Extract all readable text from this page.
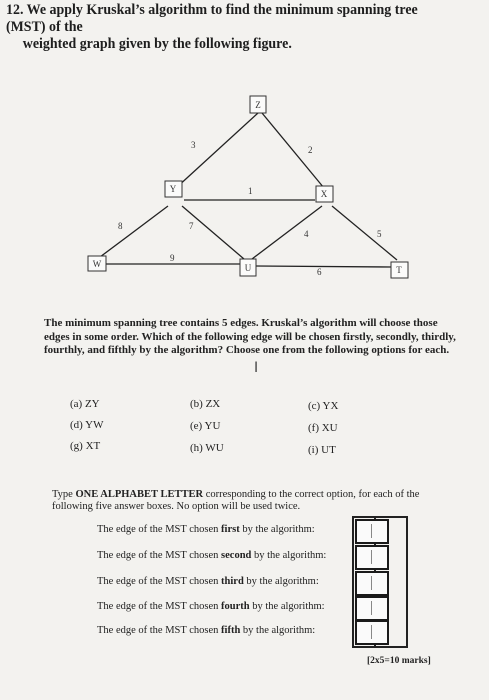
12. We apply Kruskal’s algorithm to find the minimum spanning tree (MST) of the
weighted graph given by the following figure.
Z
Y	X
W	U	T
3	2
1
8	7
4	5
9
6
The minimum spanning tree contains 5 edges. Kruskal’s algorithm will choose those edges in some order. Which of the following edge will be chosen firstly, secondly, thirdly, fourthly, and fifthly by the algorithm? Choose one from the following options for each.
I
(a) ZY	(b) ZX	(c) YX
(d) YW	(e) YU	(f) XU
(g) XT	(h) WU	(i) UT
Type ONE ALPHABET LETTER corresponding to the correct option, for each of the following five answer boxes. No option will be used twice.
The edge of the MST chosen first by the algorithm:
The edge of the MST chosen second by the algorithm:
The edge of the MST chosen third by the algorithm:
The edge of the MST chosen fourth by the algorithm:
The edge of the MST chosen fifth by the algorithm:
[2x5=10 marks]
